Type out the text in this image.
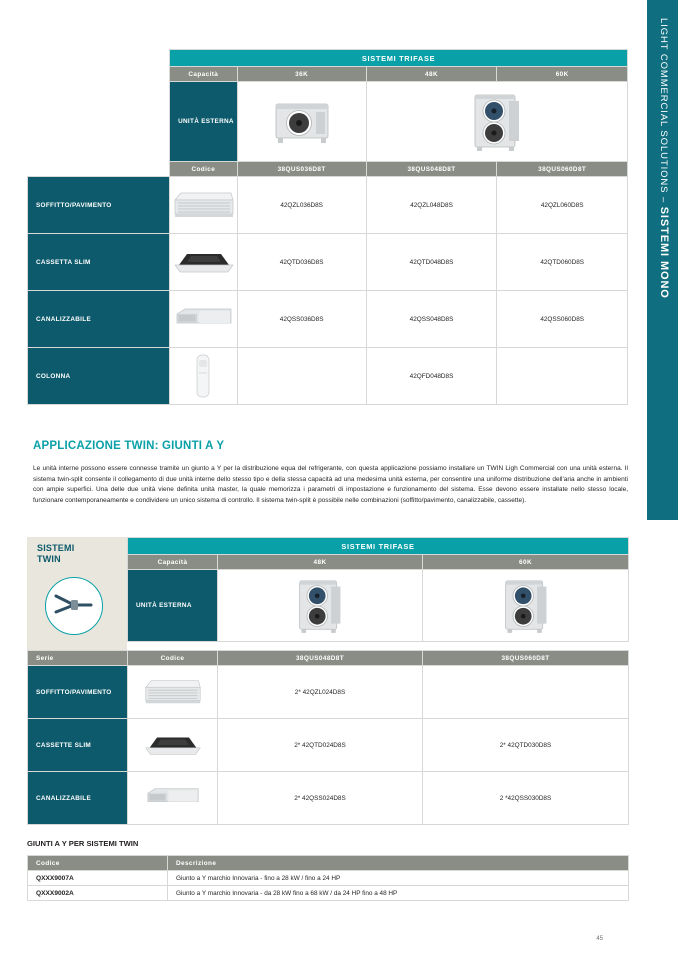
LIGHT COMMERCIAL SOLUTIONS – SISTEMI MONO
	SISTEMI TRIFASE			
	Capacità	36K	48K	60K
	UNITÀ ESTERNA	

	Codice	38QUS036D8T	38QUS048D8T	38QUS060D8T
SOFFITTO/PAVIMENTO		42QZL036D8S	42QZL048D8S	42QZL060D8S
CASSETTA SLIM		42QTD036D8S	42QTD048D8S	42QTD060D8S
CANALIZZABILE		42QSS036D8S	42QSS048D8S	42QSS060D8S
COLONNA			42QFD048D8S	
APPLICAZIONE TWIN: GIUNTI A Y
Le unità interne possono essere connesse tramite un giunto a Y per la distribuzione equa del refrigerante, con questa applicazione possiamo installare un TWIN Ligh Commercial con una unità esterna. Il sistema twin-split consente il collegamento di due unità interne dello stesso tipo e della stessa capacità ad una medesima unità esterna, per consentire una uniforme distribuzione dell'aria anche in ambienti con ampie superfici. Una delle due unità viene definita unità master, la quale memorizza i parametri di impostazione e funzionamento del sistema. Esse devono essere installate nello stesso locale, funzionare contemporaneamente e condividere un unico sistema di controllo. Il sistema twin-split è possibile nelle combinazioni (soffitto/pavimento, canalizzabile, cassette).
SISTEMI
TWIN
SISTEMI TRIFASE		
Capacità	48K	60K
UNITÀ ESTERNA	

Serie	Codice	38QUS048D8T	38QUS060D8T
SOFFITTO/PAVIMENTO		2* 42QZL024D8S	
CASSETTE SLIM		2* 42QTD024D8S	2* 42QTD030D8S
CANALIZZABILE		2* 42QSS024D8S	2 *42QSS030D8S
GIUNTI A Y PER SISTEMI TWIN
Codice	Descrizione
QXXX9007A	Giunto a Y marchio Innovaria - fino a 28 kW / fino a 24 HP
QXXX9002A	Giunto a Y marchio Innovaria - da 28 kW fino a 68 kW / da 24 HP fino a 48 HP
45
